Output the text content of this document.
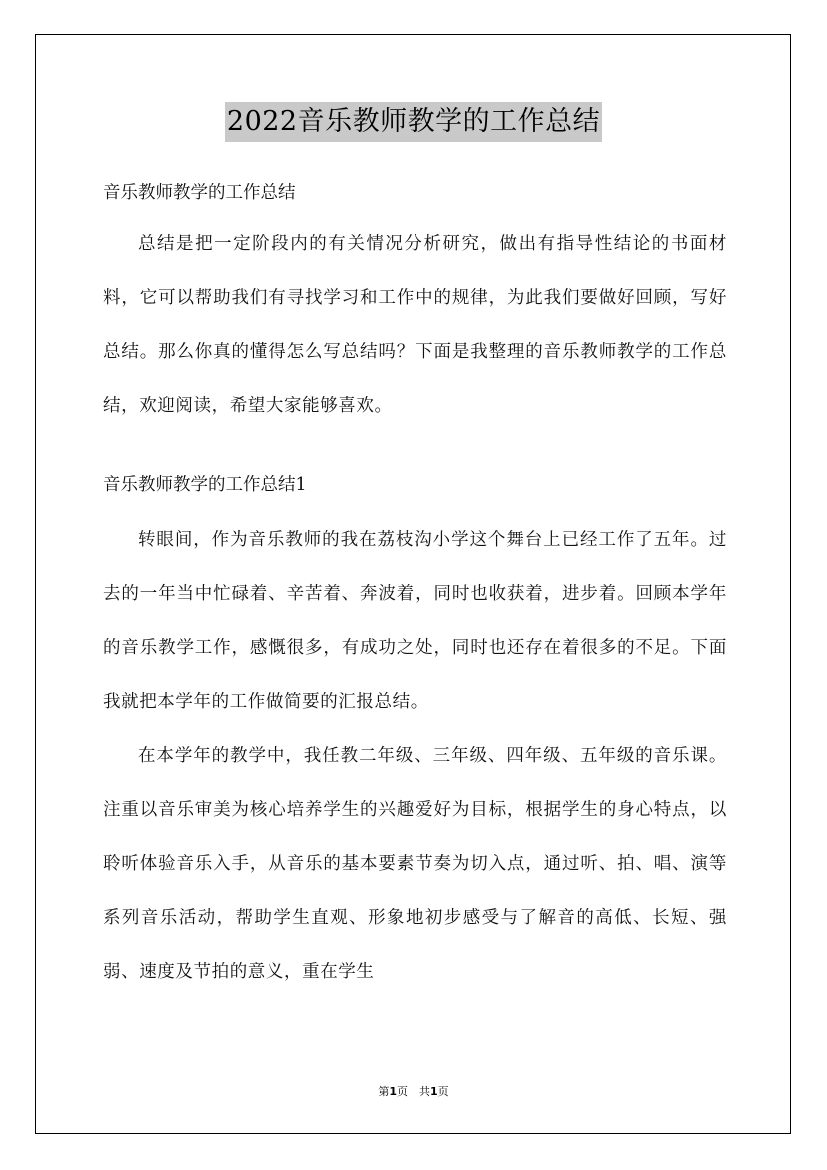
2022音乐教师教学的工作总结

音乐教师教学的工作总结

总结是把一定阶段内的有关情况分析研究，做出有指导性结论的书面材料，它可以帮助我们有寻找学习和工作中的规律，为此我们要做好回顾，写好总结。那么你真的懂得怎么写总结吗？下面是我整理的音乐教师教学的工作总结，欢迎阅读，希望大家能够喜欢。

音乐教师教学的工作总结1

转眼间，作为音乐教师的我在荔枝沟小学这个舞台上已经工作了五年。过去的一年当中忙碌着、辛苦着、奔波着，同时也收获着，进步着。回顾本学年的音乐教学工作，感慨很多，有成功之处，同时也还存在着很多的不足。下面我就把本学年的工作做简要的汇报总结。

在本学年的教学中，我任教二年级、三年级、四年级、五年级的音乐课。注重以音乐审美为核心培养学生的兴趣爱好为目标，根据学生的身心特点，以聆听体验音乐入手，从音乐的基本要素节奏为切入点，通过听、拍、唱、演等系列音乐活动，帮助学生直观、形象地初步感受与了解音的高低、长短、强弱、速度及节拍的意义，重在学生

第1页　共1页
